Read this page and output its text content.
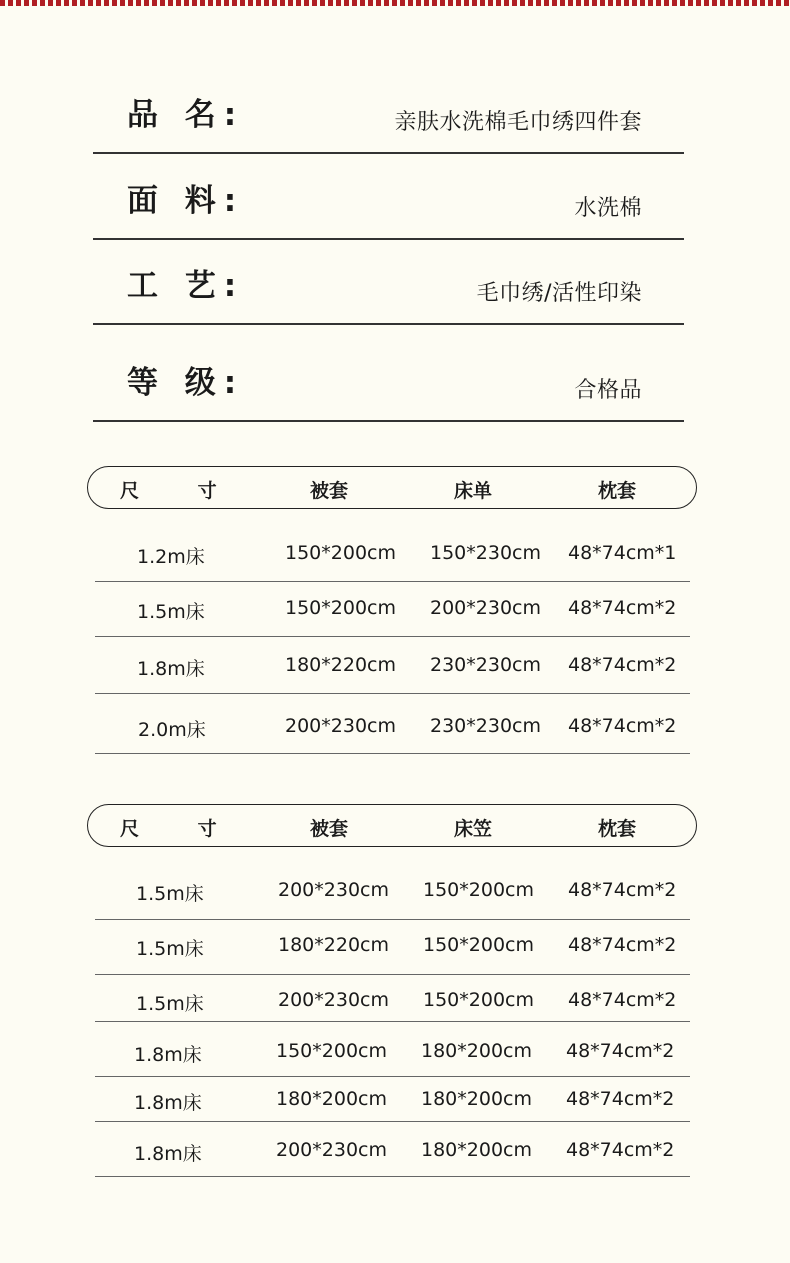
品 名:	亲肤水洗棉毛巾绣四件套
面 料:	水洗棉
工 艺:	毛巾绣/活性印染
等 级:	合格品
尺 寸	被套	床单	枕套
1.2m床	150*200cm 150*230cm 48*74cm*1
1.5m床	150*200cm 200*230cm 48*74cm*2
1.8m床	180*220cm 230*230cm 48*74cm*2
2.0m床	200*230cm 230*230cm 48*74cm*2
尺 寸	被套	床笠	枕套
1.5m床	200*230cm 150*200cm 48*74cm*2
1.5m床	180*220cm 150*200cm 48*74cm*2
1.5m床	200*230cm 150*200cm 48*74cm*2
1.8m床	150*200cm 180*200cm 48*74cm*2
1.8m床	180*200cm 180*200cm 48*74cm*2
1.8m床	200*230cm 180*200cm 48*74cm*2
